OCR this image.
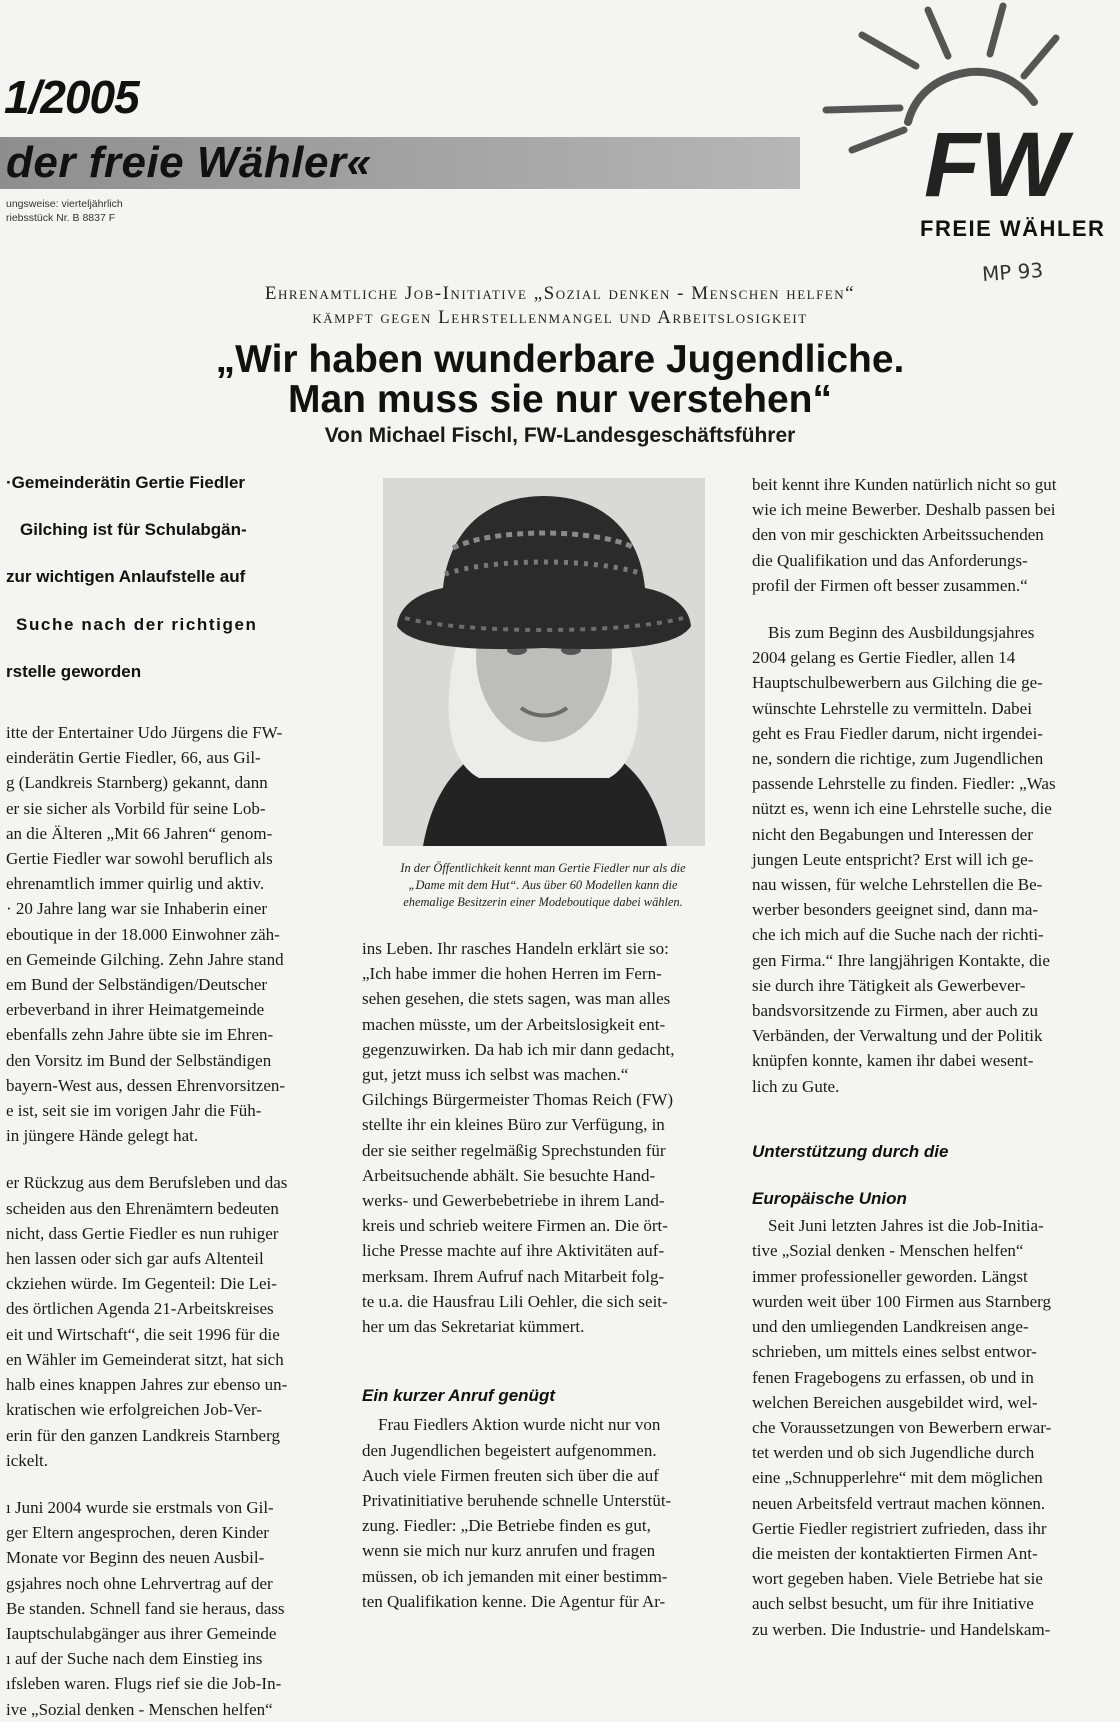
1/2005
der freie Wähler«
ungsweise: vierteljährlich
riebsstück Nr. B 8837 F
FW
FREIE WÄHLER
MP 93
Ehrenamtliche Job-Initiative „Sozial denken - Menschen helfen“
kämpft gegen Lehrstellenmangel und Arbeitslosigkeit
„Wir haben wunderbare Jugendliche.
Man muss sie nur verstehen“
Von Michael Fischl, FW-Landesgeschäftsführer

·Gemeinderätin Gertie Fiedler

Gilching ist für Schulabgän-

zur wichtigen Anlaufstelle auf

Suche nach der richtigen

rstelle geworden

itte der Entertainer Udo Jürgens die FW-
einderätin Gertie Fiedler, 66, aus Gil-
g (Landkreis Starnberg) gekannt, dann
er sie sicher als Vorbild für seine Lob-
an die Älteren „Mit 66 Jahren“ genom-
Gertie Fiedler war sowohl beruflich als
ehrenamtlich immer quirlig und aktiv.
· 20 Jahre lang war sie Inhaberin einer
eboutique in der 18.000 Einwohner zäh-
en Gemeinde Gilching. Zehn Jahre stand
em Bund der Selbständigen/Deutscher
erbeverband in ihrer Heimatgemeinde
ebenfalls zehn Jahre übte sie im Ehren-
den Vorsitz im Bund der Selbständigen
bayern-West aus, dessen Ehrenvorsitzen-
e ist, seit sie im vorigen Jahr die Füh-
in jüngere Hände gelegt hat.

er Rückzug aus dem Berufsleben und das
scheiden aus den Ehrenämtern bedeuten
nicht, dass Gertie Fiedler es nun ruhiger
hen lassen oder sich gar aufs Altenteil
ckziehen würde. Im Gegenteil: Die Lei-
des örtlichen Agenda 21-Arbeitskreises
eit und Wirtschaft“, die seit 1996 für die
en Wähler im Gemeinderat sitzt, hat sich
halb eines knappen Jahres zur ebenso un-
kratischen wie erfolgreichen Job-Ver-
erin für den ganzen Landkreis Starnberg
ickelt.

ı Juni 2004 wurde sie erstmals von Gil-
ger Eltern angesprochen, deren Kinder
Monate vor Beginn des neuen Ausbil-
gsjahres noch ohne Lehrvertrag auf der
Be standen. Schnell fand sie heraus, dass
Iauptschulabgänger aus ihrer Gemeinde
ı auf der Suche nach dem Einstieg ins
ıfsleben waren. Flugs rief sie die Job-In-
ive „Sozial denken - Menschen helfen“

In der Öffentlichkeit kennt man Gertie Fiedler nur als die
„Dame mit dem Hut“. Aus über 60 Modellen kann die
ehemalige Besitzerin einer Modeboutique dabei wählen.

ins Leben. Ihr rasches Handeln erklärt sie so:
„Ich habe immer die hohen Herren im Fern-
sehen gesehen, die stets sagen, was man alles
machen müsste, um der Arbeitslosigkeit ent-
gegenzuwirken. Da hab ich mir dann gedacht,
gut, jetzt muss ich selbst was machen.“
Gilchings Bürgermeister Thomas Reich (FW)
stellte ihr ein kleines Büro zur Verfügung, in
der sie seither regelmäßig Sprechstunden für
Arbeitsuchende abhält. Sie besuchte Hand-
werks- und Gewerbebetriebe in ihrem Land-
kreis und schrieb weitere Firmen an. Die ört-
liche Presse machte auf ihre Aktivitäten auf-
merksam. Ihrem Aufruf nach Mitarbeit folg-
te u.a. die Hausfrau Lili Oehler, die sich seit-
her um das Sekretariat kümmert.

Ein kurzer Anruf genügt

Frau Fiedlers Aktion wurde nicht nur von
den Jugendlichen begeistert aufgenommen.
Auch viele Firmen freuten sich über die auf
Privatinitiative beruhende schnelle Unterstüt-
zung. Fiedler: „Die Betriebe finden es gut,
wenn sie mich nur kurz anrufen und fragen
müssen, ob ich jemanden mit einer bestimm-
ten Qualifikation kenne. Die Agentur für Ar-

beit kennt ihre Kunden natürlich nicht so gut
wie ich meine Bewerber. Deshalb passen bei
den von mir geschickten Arbeitssuchenden
die Qualifikation und das Anforderungs-
profil der Firmen oft besser zusammen.“

Bis zum Beginn des Ausbildungsjahres
2004 gelang es Gertie Fiedler, allen 14
Hauptschulbewerbern aus Gilching die ge-
wünschte Lehrstelle zu vermitteln. Dabei
geht es Frau Fiedler darum, nicht irgendei-
ne, sondern die richtige, zum Jugendlichen
passende Lehrstelle zu finden. Fiedler: „Was
nützt es, wenn ich eine Lehrstelle suche, die
nicht den Begabungen und Interessen der
jungen Leute entspricht? Erst will ich ge-
nau wissen, für welche Lehrstellen die Be-
werber besonders geeignet sind, dann ma-
che ich mich auf die Suche nach der richti-
gen Firma.“ Ihre langjährigen Kontakte, die
sie durch ihre Tätigkeit als Gewerbever-
bandsvorsitzende zu Firmen, aber auch zu
Verbänden, der Verwaltung und der Politik
knüpfen konnte, kamen ihr dabei wesent-
lich zu Gute.

Unterstützung durch die

Europäische Union

Seit Juni letzten Jahres ist die Job-Initia-
tive „Sozial denken - Menschen helfen“
immer professioneller geworden. Längst
wurden weit über 100 Firmen aus Starnberg
und den umliegenden Landkreisen ange-
schrieben, um mittels eines selbst entwor-
fenen Fragebogens zu erfassen, ob und in
welchen Bereichen ausgebildet wird, wel-
che Voraussetzungen von Bewerbern erwar-
tet werden und ob sich Jugendliche durch
eine „Schnupperlehre“ mit dem möglichen
neuen Arbeitsfeld vertraut machen können.
Gertie Fiedler registriert zufrieden, dass ihr
die meisten der kontaktierten Firmen Ant-
wort gegeben haben. Viele Betriebe hat sie
auch selbst besucht, um für ihre Initiative
zu werben. Die Industrie- und Handelskam-
